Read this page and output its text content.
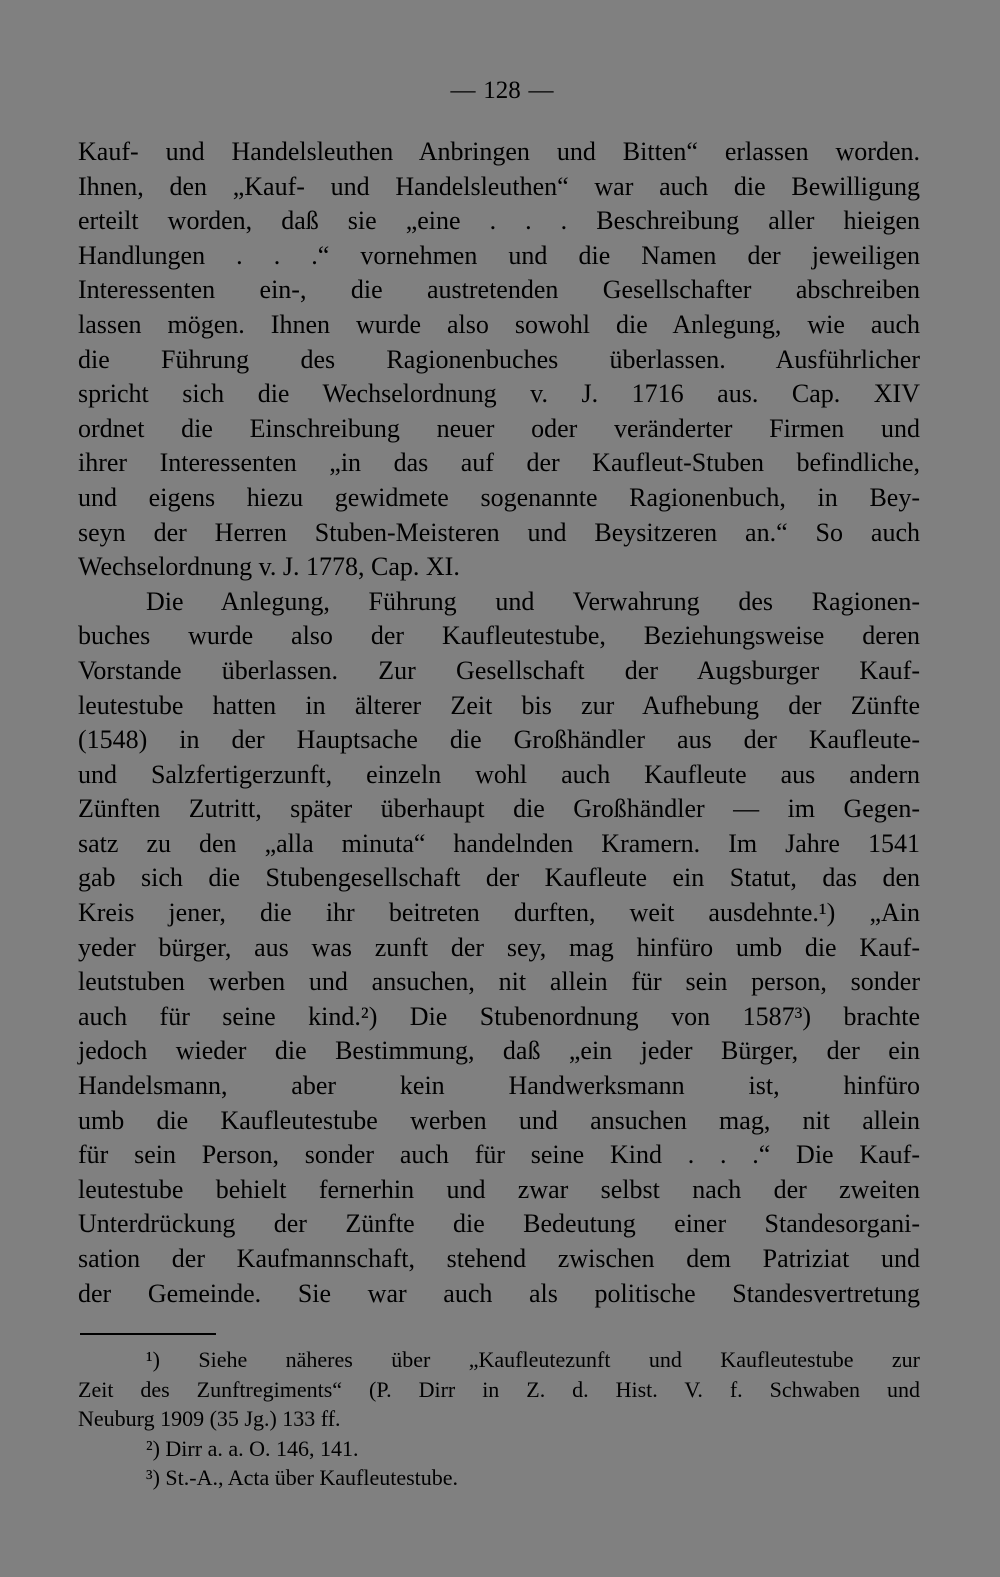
— 128 —
Kauf- und Handelsleuthen Anbringen und Bitten“ erlassen worden.
Ihnen, den „Kauf- und Handelsleuthen“ war auch die Bewilligung
erteilt worden, daß sie „eine . . . Beschreibung aller hieigen
Handlungen . . .“ vornehmen und die Namen der jeweiligen
Interessenten ein-, die austretenden Gesellschafter abschreiben
lassen mögen. Ihnen wurde also sowohl die Anlegung, wie auch
die Führung des Ragionenbuches überlassen. Ausführlicher
spricht sich die Wechselordnung v. J. 1716 aus. Cap. XIV
ordnet die Einschreibung neuer oder veränderter Firmen und
ihrer Interessenten „in das auf der Kaufleut-Stuben befindliche,
und eigens hiezu gewidmete sogenannte Ragionenbuch, in Bey-
seyn der Herren Stuben-Meisteren und Beysitzeren an.“ So auch
Wechselordnung v. J. 1778, Cap. XI.
Die Anlegung, Führung und Verwahrung des Ragionen-
buches wurde also der Kaufleutestube, Beziehungsweise deren
Vorstande überlassen. Zur Gesellschaft der Augsburger Kauf-
leutestube hatten in älterer Zeit bis zur Aufhebung der Zünfte
(1548) in der Hauptsache die Großhändler aus der Kaufleute-
und Salzfertigerzunft, einzeln wohl auch Kaufleute aus andern
Zünften Zutritt, später überhaupt die Großhändler — im Gegen-
satz zu den „alla minuta“ handelnden Kramern. Im Jahre 1541
gab sich die Stubengesellschaft der Kaufleute ein Statut, das den
Kreis jener, die ihr beitreten durften, weit ausdehnte.¹) „Ain
yeder bürger, aus was zunft der sey, mag hinfüro umb die Kauf-
leutstuben werben und ansuchen, nit allein für sein person, sonder
auch für seine kind.²) Die Stubenordnung von 1587³) brachte
jedoch wieder die Bestimmung, daß „ein jeder Bürger, der ein
Handelsmann, aber kein Handwerksmann ist, hinfüro
umb die Kaufleutestube werben und ansuchen mag, nit allein
für sein Person, sonder auch für seine Kind . . .“ Die Kauf-
leutestube behielt fernerhin und zwar selbst nach der zweiten
Unterdrückung der Zünfte die Bedeutung einer Standesorgani-
sation der Kaufmannschaft, stehend zwischen dem Patriziat und
der Gemeinde. Sie war auch als politische Standesvertretung
¹) Siehe näheres über „Kaufleutezunft und Kaufleutestube zur
Zeit des Zunftregiments“ (P. Dirr in Z. d. Hist. V. f. Schwaben und
Neuburg 1909 (35 Jg.) 133 ff.
²) Dirr a. a. O. 146, 141.
³) St.-A., Acta über Kaufleutestube.
